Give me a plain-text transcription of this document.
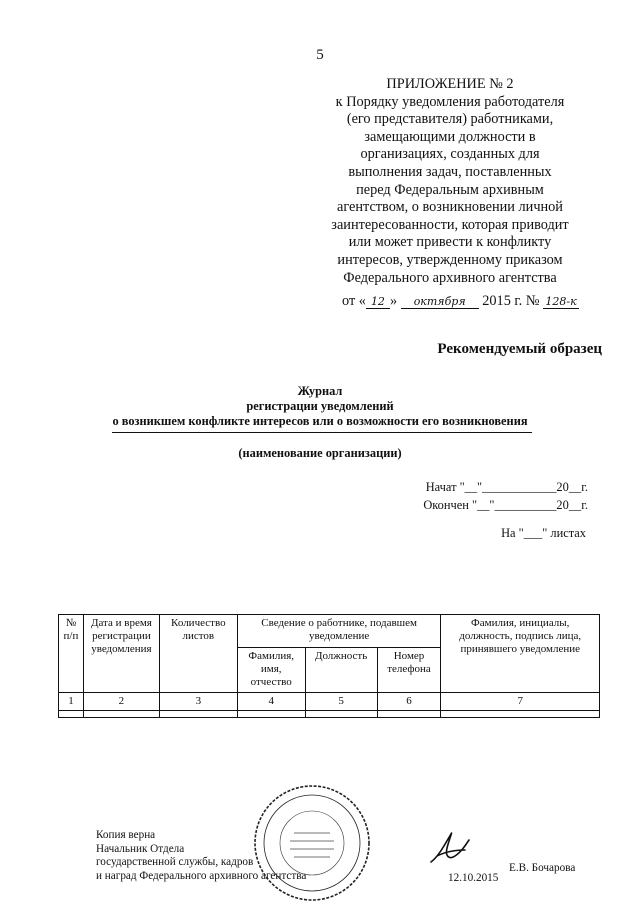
5
ПРИЛОЖЕНИЕ № 2
к Порядку уведомления работодателя
(его представителя) работниками,
замещающими должности в
организациях, созданных для
выполнения задач, поставленных
перед Федеральным архивным
агентством, о возникновении личной
заинтересованности, которая приводит
или может привести к конфликту
интересов, утвержденному приказом
Федерального архивного агентства
от « 12 » октября 2015 г. № 128-к
Рекомендуемый образец
Журнал
регистрации уведомлений
о возникшем конфликте интересов или о возможности его возникновения
(наименование организации)
Начат "__"____________20__г.
Окончен "__"__________20__г.
На "___" листах
№ п/п	Дата и время регистрации уведомления	Количество листов	Сведение о работнике, подавшем уведомление			Фамилия, инициалы, должность, подпись лица, принявшего уведомление
			Фамилия, имя, отчество	Должность	Номер телефона	
1	2	3	4	5	6	7

Копия верна
Начальник Отдела
государственной службы, кадров
и наград Федерального архивного агентства	12.10.2015
Е.В. Бочарова
